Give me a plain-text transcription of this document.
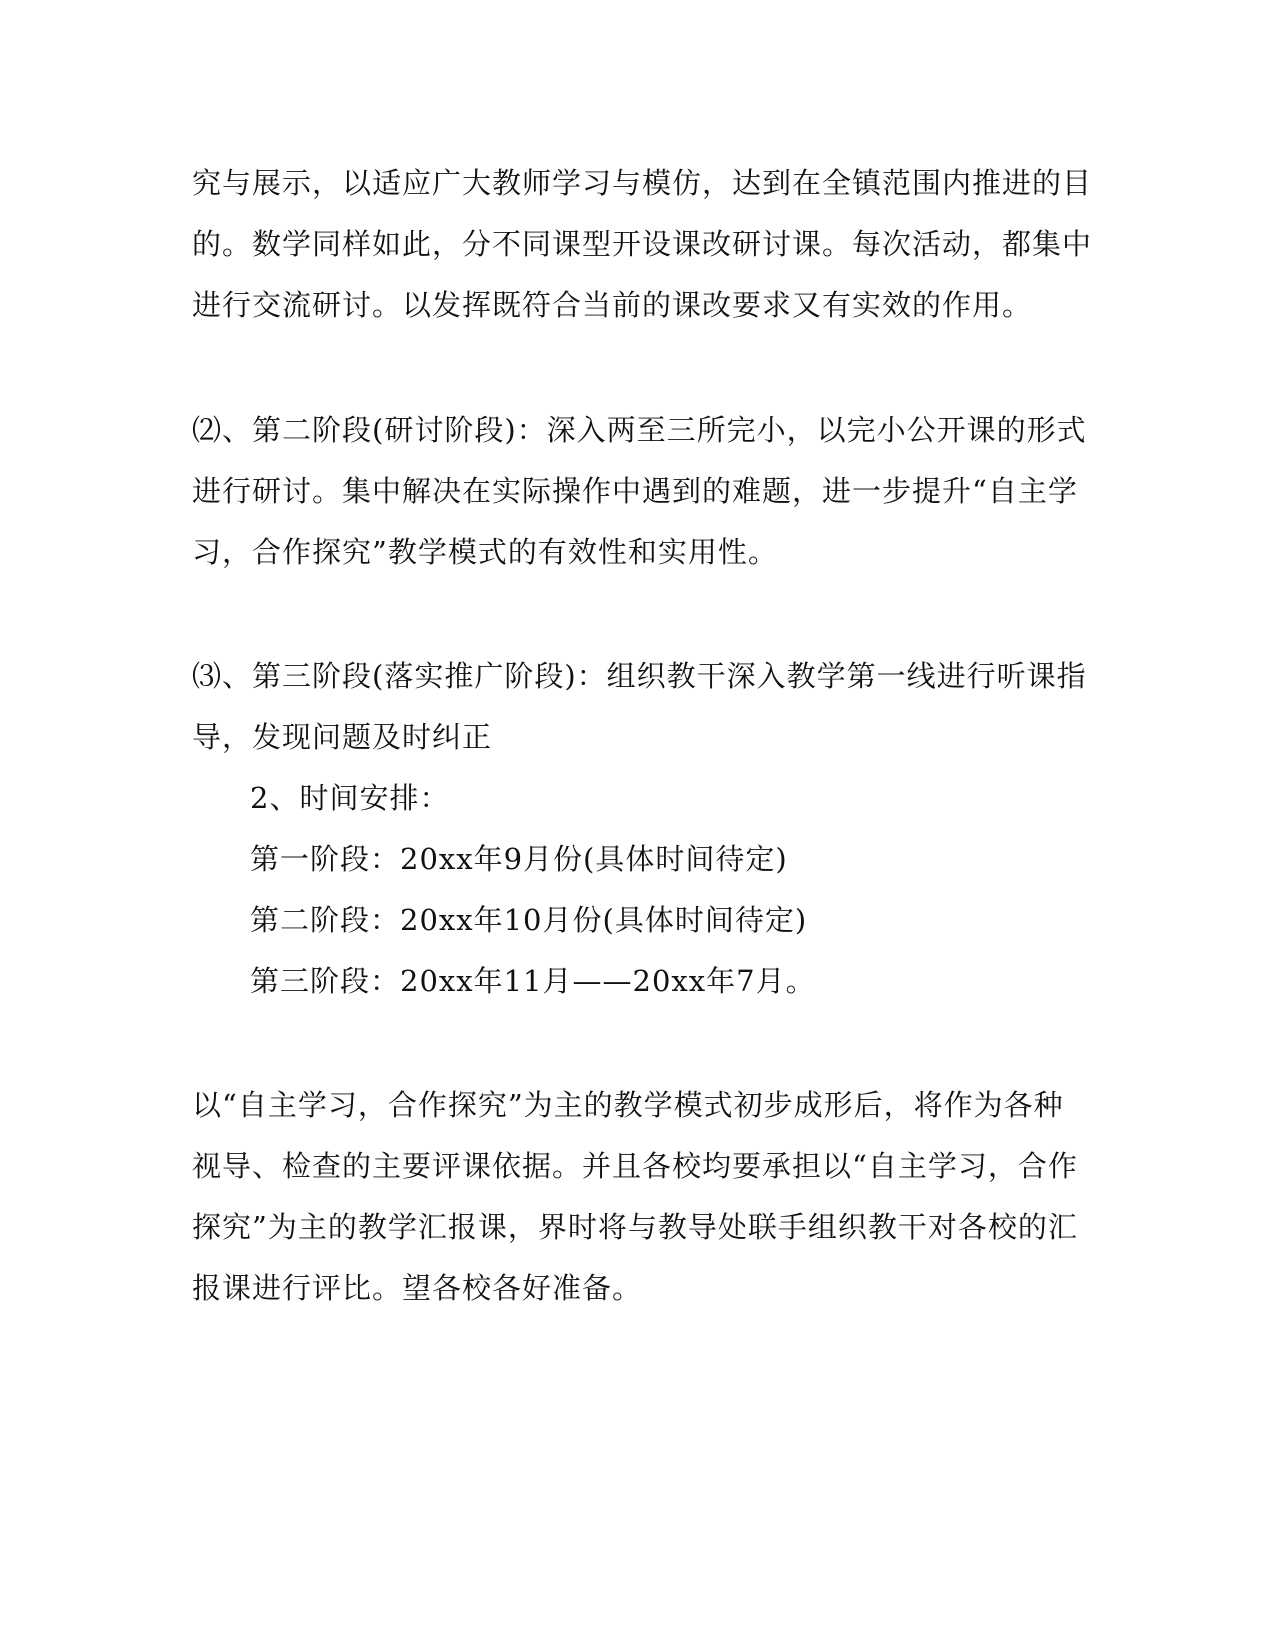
究与展示，以适应广大教师学习与模仿，达到在全镇范围内推进的目
的。数学同样如此，分不同课型开设课改研讨课。每次活动，都集中
进行交流研讨。以发挥既符合当前的课改要求又有实效的作用。
⑵、第二阶段(研讨阶段)：深入两至三所完小，以完小公开课的形式
进行研讨。集中解决在实际操作中遇到的难题，进一步提升“自主学
习，合作探究”教学模式的有效性和实用性。
⑶、第三阶段(落实推广阶段)：组织教干深入教学第一线进行听课指
导，发现问题及时纠正
2、时间安排：
第一阶段：20xx年9月份(具体时间待定)
第二阶段：20xx年10月份(具体时间待定)
第三阶段：20xx年11月——20xx年7月。
以“自主学习，合作探究”为主的教学模式初步成形后，将作为各种
视导、检查的主要评课依据。并且各校均要承担以“自主学习，合作
探究”为主的教学汇报课，界时将与教导处联手组织教干对各校的汇
报课进行评比。望各校各好准备。
